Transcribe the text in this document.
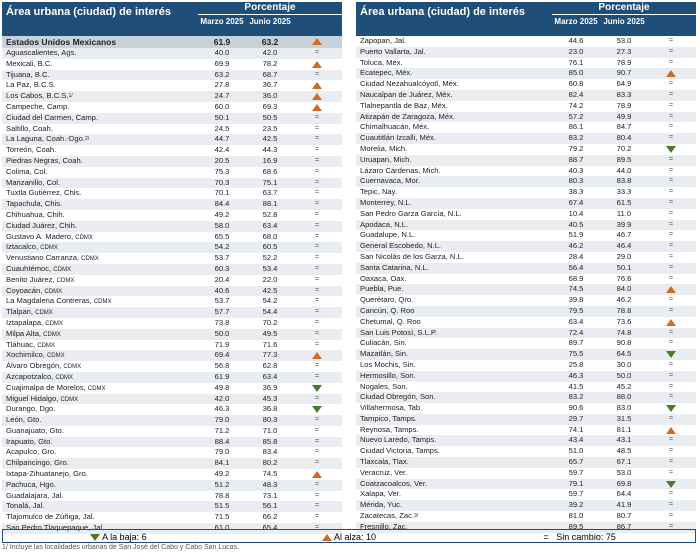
Área urbana (ciudad) de interés	Porcentaje
Marzo 2025 Junio 2025
Estados Unidos Mexicanos	61.9	63.2
Aguascalientes, Ags.	40.0	42.0	=
Mexicali, B.C.	69.9	78.2
Tijuana, B.C.	63.2	68.7	=
La Paz, B.C.S.	27.8	36.7
Los Cabos, B.C.S.$^{1/}$	24.7	36.0
Campeche, Camp.	60.0	69.3
Ciudad del Carmen, Camp.	50.1	50.5	=
Saltillo, Coah.	24.5	23.5	=
La Laguna, Coah.-Dgo.$^{2/}$	44.7	42.5	=
Torreón, Coah.	42.4	44.3	=
Piedras Negras, Coah.	20.5	16.9	=
Colima, Col.	75.3	68.6	=
Manzanillo, Col.	70.3	75.1	=
Tuxtla Gutiérrez, Chis.	70.1	63.7	=
Tapachula, Chis.	84.4	88.1	=
Chihuahua, Chih.	49.2	52.8	=
Ciudad Juárez, Chih.	58.0	63.4	=
Gustavo A. Madero, CDMX	65.5	68.0	=
Iztacalco, CDMX	54.2	60.5	=
Venustiano Carranza, CDMX	53.7	52.2	=
Cuauhtémoc, CDMX	60.3	53.4	=
Benito Juárez, CDMX	20.4	22.0	=
Coyoacán, CDMX	40.6	42.5	=
La Magdalena Contreras, CDMX	53.7	54.2	=
Tlalpan, CDMX	57.7	54.4	=
Iztapalapa, CDMX	73.8	70.2	=
Milpa Alta, CDMX	50.0	49.5	=
Tláhuac, CDMX	71.9	71.6	=
Xochimilco, CDMX	69.4	77.3
Álvaro Obregón, CDMX	56.8	62.8	=
Azcapotzalco, CDMX	61.9	63.4	=
Cuajimalpa de Morelos, CDMX	49.8	36.9
Miguel Hidalgo, CDMX	42.0	45.3	=
Durango, Dgo.	46.3	36.8
León, Gto.	79.0	80.3	=
Guanajuato, Gto.	71.2	71.0	=
Irapuato, Gto.	88.4	85.8	=
Acapulco, Gro.	79.0	83.4	=
Chilpancingo, Gro.	84.1	80.2	=
Ixtapa-Zihuatanejo, Gro.	49.2	74.5
Pachuca, Hgo.	51.2	48.3	=
Guadalajara, Jal.	78.8	73.1	=
Tonalá, Jal.	51.5	56.1	=
Tlajomulco de Zúñiga, Jal.	71.5	66.2	=
San Pedro Tlaquepaque, Jal.	61.0	65.4	=
Área urbana (ciudad) de interés	Porcentaje
Marzo 2025 Junio 2025
Zapopan, Jal.	44.6	53.0	=
Puerto Vallarta, Jal.	23.0	27.3	=
Toluca, Méx.	76.1	78.9	=
Ecatepec, Méx.	85.0	90.7
Ciudad Nezahualcóyotl, Méx.	60.8	64.9	=
Naucalpan de Juárez, Méx.	82.4	83.3	=
Tlalnepantla de Baz, Méx.	74.2	78.9	=
Atizapán de Zaragoza, Méx.	57.2	49.9	=
Chimalhuacán, Méx.	86.1	84.7	=
Cuautitlán Izcalli, Méx.	83.2	80.4	=
Morelia, Mich.	79.2	70.2
Uruapan, Mich.	88.7	89.5	=
Lázaro Cárdenas, Mich.	40.3	44.0	=
Cuernavaca, Mor.	80.3	83.8	=
Tepic, Nay.	38.3	33.3	=
Monterrey, N.L.	67.4	61.5	=
San Pedro Garza García, N.L.	10.4	11.0	=
Apodaca, N.L.	40.5	39.9	=
Guadalupe, N.L.	51.9	46.7	=
General Escobedo, N.L.	46.2	46.4	=
San Nicolás de los Garza, N.L.	28.4	29.0	=
Santa Catarina, N.L.	56.4	50.1	=
Oaxaca, Oax.	68.9	76.6	=
Puebla, Pue.	74.5	84.0
Querétaro, Qro.	39.8	46.2	=
Cancún, Q. Roo	79.5	78.8	=
Chetumal, Q. Roo	63.4	73.6
San Luis Potosí, S.L.P.	72.4	74.8	=
Culiacán, Sin.	89.7	90.8	=
Mazatlán, Sin.	75.5	64.5
Los Mochis, Sin.	25.8	30.0	=
Hermosillo, Son.	46.3	50.0	=
Nogales, Son.	41.5	45.2	=
Ciudad Obregón, Son.	83.2	88.0	=
Villahermosa, Tab.	90.6	83.0
Tampico, Tamps.	29.7	31.5	=
Reynosa, Tamps.	74.1	81.1
Nuevo Laredo, Tamps.	43.4	43.1	=
Ciudad Victoria, Tamps.	51.0	48.5	=
Tlaxcala, Tlax.	65.7	67.1	=
Veracruz, Ver.	59.7	53.0	=
Coatzacoalcos, Ver.	79.1	69.8
Xalapa, Ver.	59.7	64.4	=
Mérida, Yuc.	39.2	41.9	=
Zacatecas, Zac.$^{3/}$	81.0	80.7	=
Fresnillo, Zac.	89.5	86.7	=
A la baja: 6	Al alza: 10	=   Sin cambio: 75
1/ Incluye las localidades urbanas de San José del Cabo y Cabo San Lucas.
